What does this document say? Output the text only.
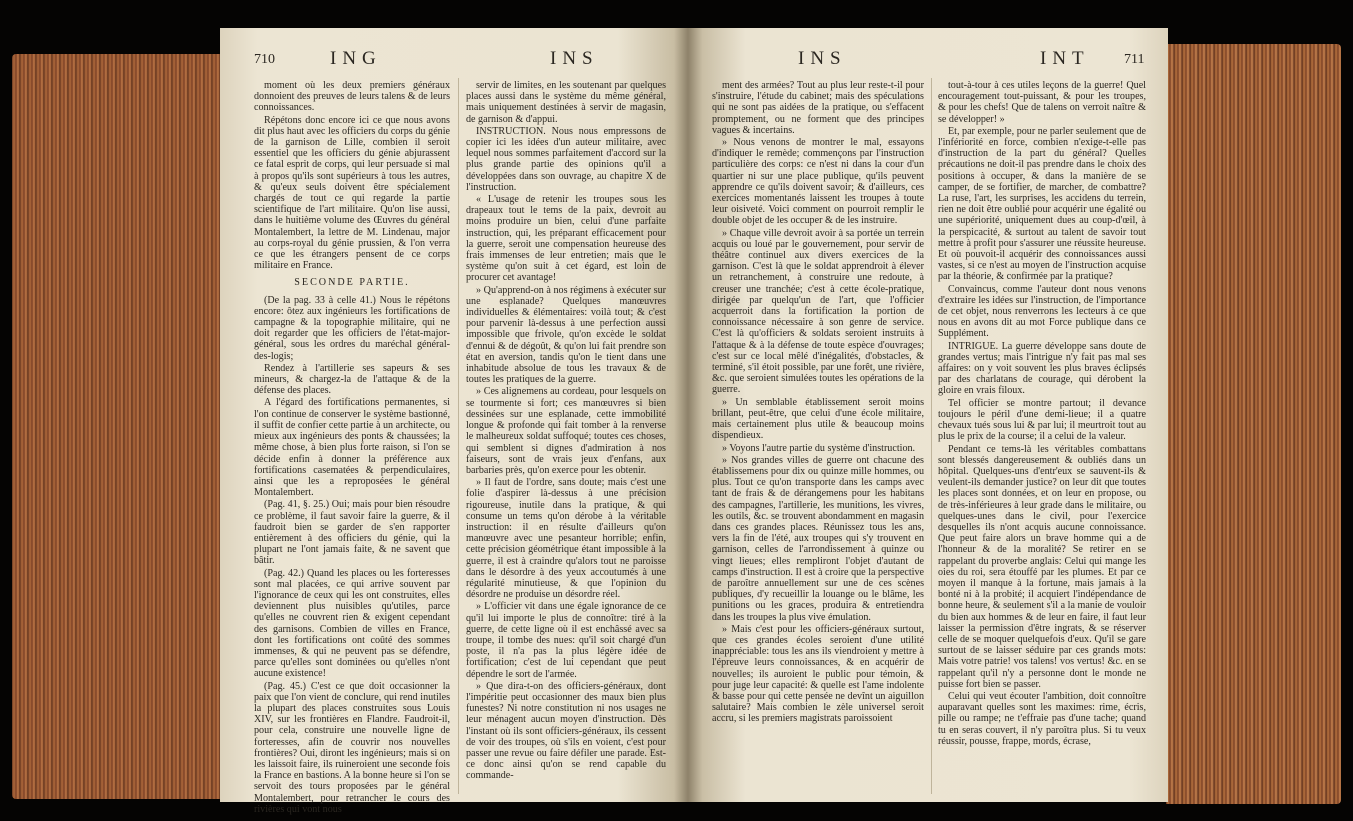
710	ING	INS

moment où les deux premiers généraux donnoient des preuves de leurs talens & de leurs connoissances.

Répétons donc encore ici ce que nous avons dit plus haut avec les officiers du corps du génie de la garnison de Lille, combien il seroit essentiel que les officiers du génie abjurassent ce fatal esprit de corps, qui leur persuade si mal à propos qu'ils sont supérieurs à tous les autres, & qu'eux seuls doivent être spécialement chargés de tout ce qui regarde la partie scientifique de l'art militaire. Qu'on lise aussi, dans le huitième volume des Œuvres du général Montalembert, la lettre de M. Lindenau, major au corps-royal du génie prussien, & l'on verra ce que les étrangers pensent de ce corps militaire en France.

SECONDE PARTIE.

(De la pag. 33 à celle 41.) Nous le répétons encore: ôtez aux ingénieurs les fortifications de campagne & la topographie militaire, qui ne doit regarder que les officiers de l'état-major-général, sous les ordres du maréchal général-des-logis;

Rendez à l'artillerie ses sapeurs & ses mineurs, & chargez-la de l'attaque & de la défense des places.

A l'égard des fortifications permanentes, si l'on continue de conserver le système bastionné, il suffit de confier cette partie à un architecte, ou mieux aux ingénieurs des ponts & chaussées; la même chose, à bien plus forte raison, si l'on se décide enfin à donner la préférence aux fortifications casematées & perpendiculaires, ainsi que les a reproposées le général Montalembert.

(Pag. 41, §. 25.) Oui; mais pour bien résoudre ce problème, il faut savoir faire la guerre, & il faudroit bien se garder de s'en rapporter entièrement à des officiers du génie, qui la plupart ne l'ont jamais faite, & ne savent que bâtir.

(Pag. 42.) Quand les places ou les forteresses sont mal placées, ce qui arrive souvent par l'ignorance de ceux qui les ont construites, elles deviennent plus nuisibles qu'utiles, parce qu'elles ne couvrent rien & exigent cependant des garnisons. Combien de villes en France, dont les fortifications ont coûté des sommes immenses, & qui ne peuvent pas se défendre, parce qu'elles sont dominées ou qu'elles n'ont aucune existence!

(Pag. 45.) C'est ce que doit occasionner la paix que l'on vient de conclure, qui rend inutiles la plupart des places construites sous Louis XIV, sur les frontières en Flandre. Faudroit-il, pour cela, construire une nouvelle ligne de forteresses, afin de couvrir nos nouvelles frontières? Oui, diront les ingénieurs; mais si on les laissoit faire, ils ruineroient une seconde fois la France en bastions. A la bonne heure si l'on se servoit des tours proposées par le général Montalembert, pour retrancher le cours des rivières qui vont nous

servir de limites, en les soutenant par quelques places aussi dans le système du même général, mais uniquement destinées à servir de magasin, de garnison & d'appui.

INSTRUCTION. Nous nous empressons de copier ici les idées d'un auteur militaire, avec lequel nous sommes parfaitement d'accord sur la plus grande partie des opinions qu'il a développées dans son ouvrage, au chapitre X de l'instruction.

« L'usage de retenir les troupes sous les drapeaux tout le tems de la paix, devroit au moins produire un bien, celui d'une parfaite instruction, qui, les préparant efficacement pour la guerre, seroit une compensation heureuse des frais immenses de leur entretien; mais que le système qu'on suit à cet égard, est loin de procurer cet avantage!

» Qu'apprend-on à nos régimens à exécuter sur une esplanade? Quelques manœuvres individuelles & élémentaires: voilà tout; & c'est pour parvenir là-dessus à une perfection aussi impossible que frivole, qu'on excède le soldat d'ennui & de dégoût, & qu'on lui fait prendre son état en aversion, tandis qu'on le tient dans une inhabitude absolue de tous les travaux & de toutes les pratiques de la guerre.

» Ces alignemens au cordeau, pour lesquels on se tourmente si fort; ces manœuvres si bien dessinées sur une esplanade, cette immobilité longue & profonde qui fait tomber à la renverse le malheureux soldat suffoqué; toutes ces choses, qui semblent si dignes d'admiration à nos faiseurs, sont de vrais jeux d'enfans, aux barbaries près, qu'on exerce pour les obtenir.

» Il faut de l'ordre, sans doute; mais c'est une folie d'aspirer là-dessus à une précision rigoureuse, inutile dans la pratique, & qui consume un tems qu'on dérobe à la véritable instruction: il en résulte d'ailleurs qu'on manœuvre avec une pesanteur horrible; enfin, cette précision géométrique étant impossible à la guerre, il est à craindre qu'alors tout ne paroisse dans le désordre à des yeux accoutumés à une régularité minutieuse, & que l'opinion du désordre ne produise un désordre réel.

» L'officier vit dans une égale ignorance de ce qu'il lui importe le plus de connoître: tiré à la guerre, de cette ligne où il est enchâssé avec sa troupe, il tombe des nues: qu'il soit chargé d'un poste, il n'a pas la plus légère idée de fortification; c'est de lui cependant que peut dépendre le sort de l'armée.

» Que dira-t-on des officiers-généraux, dont l'impéritie peut occasionner des maux bien plus funestes? Ni notre constitution ni nos usages ne leur ménagent aucun moyen d'instruction. Dès l'instant où ils sont officiers-généraux, ils cessent de voir des troupes, où s'ils en voient, c'est pour passer une revue ou faire défiler une parade. Est-ce donc ainsi qu'on se rend capable du commande-

INS	INT 711

ment des armées? Tout au plus leur reste-t-il pour s'instruire, l'étude du cabinet; mais des spéculations qui ne sont pas aidées de la pratique, ou s'effacent promptement, ou ne forment que des principes vagues & incertains.

» Nous venons de montrer le mal, essayons d'indiquer le remède; commençons par l'instruction particulière des corps: ce n'est ni dans la cour d'un quartier ni sur une place publique, qu'ils peuvent apprendre ce qu'ils doivent savoir; & d'ailleurs, ces exercices momentanés laissent les troupes à toute leur oisiveté. Voici comment on pourroit remplir le double objet de les occuper & de les instruire.

» Chaque ville devroit avoir à sa portée un terrein acquis ou loué par le gouvernement, pour servir de théâtre continuel aux divers exercices de la garnison. C'est là que le soldat apprendroit à élever un retranchement, à construire une redoute, à creuser une tranchée; c'est à cette école-pratique, dirigée par quelqu'un de l'art, que l'officier acquerroit dans la fortification la portion de connoissance nécessaire à son genre de service. C'est là qu'officiers & soldats seroient instruits à l'attaque & à la défense de toute espèce d'ouvrages; c'est sur ce local mêlé d'inégalités, d'obstacles, & terminé, s'il étoit possible, par une forêt, une rivière, &c. que seroient simulées toutes les opérations de la guerre.

» Un semblable établissement seroit moins brillant, peut-être, que celui d'une école militaire, mais certainement plus utile & beaucoup moins dispendieux.

» Voyons l'autre partie du système d'instruction.

» Nos grandes villes de guerre ont chacune des établissemens pour dix ou quinze mille hommes, ou plus. Tout ce qu'on transporte dans les camps avec tant de frais & de dérangemens pour les habitans des campagnes, l'artillerie, les munitions, les vivres, les outils, &c. se trouvent abondamment en magasin dans ces grandes places. Réunissez tous les ans, vers la fin de l'été, aux troupes qui s'y trouvent en garnison, celles de l'arrondissement à quinze ou vingt lieues; elles rempliront l'objet d'autant de camps d'instruction. Il est à croire que la perspective de paroître annuellement sur une de ces scènes publiques, d'y recueillir la louange ou le blâme, les punitions ou les graces, produira & entretiendra dans les troupes la plus vive émulation.

» Mais c'est pour les officiers-généraux surtout, que ces grandes écoles seroient d'une utilité inappréciable: tous les ans ils viendroient y mettre à l'épreuve leurs connoissances, & en acquérir de nouvelles; ils auroient le public pour témoin, & pour juge leur capacité: & quelle est l'ame indolente & basse pour qui cette pensée ne devînt un aiguillon salutaire? Mais combien le zèle universel seroit accru, si les premiers magistrats paroissoient

tout-à-tour à ces utiles leçons de la guerre! Quel encouragement tout-puissant, & pour les troupes, & pour les chefs! Que de talens on verroit naître & se développer! »

Et, par exemple, pour ne parler seulement que de l'infériorité en force, combien n'exige-t-elle pas d'instruction de la part du général? Quelles précautions ne doit-il pas prendre dans le choix des positions à occuper, & dans la manière de se camper, de se fortifier, de marcher, de combattre? La ruse, l'art, les surprises, les accidens du terrein, rien ne doit être oublié pour acquérir une égalité ou une supériorité, uniquement dues au coup-d'œil, à la perspicacité, & surtout au talent de savoir tout mettre à profit pour s'assurer une réussite heureuse. Et où pouvoit-il acquérir des connoissances aussi vastes, si ce n'est au moyen de l'instruction acquise par la théorie, & confirmée par la pratique?

Convaincus, comme l'auteur dont nous venons d'extraire les idées sur l'instruction, de l'importance de cet objet, nous renverrons les lecteurs à ce que nous en avons dit au mot Force publique dans ce Supplément.

INTRIGUE. La guerre développe sans doute de grandes vertus; mais l'intrigue n'y fait pas mal ses affaires: on y voit souvent les plus braves éclipsés par des charlatans de courage, qui dérobent la gloire en vrais filoux.

Tel officier se montre partout; il devance toujours le péril d'une demi-lieue; il a quatre chevaux tués sous lui & par lui; il meurtroit tout au plus le prix de la course; il a celui de la valeur.

Pendant ce tems-là les véritables combattans sont blessés dangereusement & oubliés dans un hôpital. Quelques-uns d'entr'eux se sauvent-ils & veulent-ils demander justice? on leur dit que toutes les places sont données, et on leur en propose, ou de très-inférieures à leur grade dans le militaire, ou quelques-unes dans le civil, pour l'exercice desquelles ils n'ont acquis aucune connoissance. Que peut faire alors un brave homme qui a de l'honneur & de la moralité? Se retirer en se rappelant du proverbe anglais: Celui qui mange les oies du roi, sera étouffé par les plumes. Et par ce moyen il manque à la fortune, mais jamais à la bonté ni à la probité; il acquiert l'indépendance de bonne heure, & seulement s'il a la manie de vouloir du bien aux hommes & de leur en faire, il faut leur laisser la permission d'être ingrats, & se réserver celle de se moquer quelquefois d'eux. Qu'il se gare surtout de se laisser séduire par ces grands mots: Mais votre patrie! vos talens! vos vertus! &c. en se rappelant qu'il n'y a personne dont le monde ne puisse fort bien se passer.

Celui qui veut écouter l'ambition, doit connoître auparavant quelles sont les maximes: rime, écris, pille ou rampe; ne t'effraie pas d'une tache; quand tu en seras couvert, il n'y paroîtra plus. Si tu veux réussir, pousse, frappe, mords, écrase,
